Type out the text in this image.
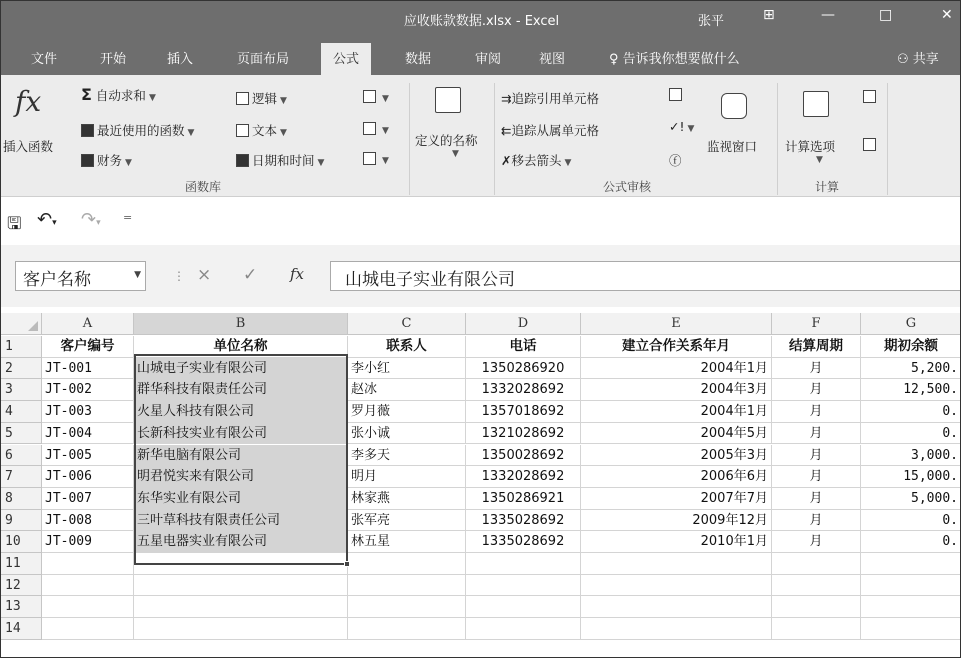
应收账款数据.xlsx - Excel	张平	⊞	—	□	✕
文件	开始	插入	页面布局	公式	数据	审阅	视图	♀ 告诉我你想要做什么	⚇ 共享
fx
插入函数
Σ 自动求和 ▼
最近使用的函数 ▼
财务 ▼
逻辑 ▼
文本 ▼
日期和时间 ▼
▼
▼
▼
函数库
定义的名称
▼
⇉追踪引用单元格
⇇追踪从属单元格
✗移去箭头 ▼
✓! ▼
ⓕ
监视窗口
公式审核
计算选项
▼
计算
🖫 ↶▾ ↷▾ =
客户名称	▼	⋮ × ✓ fx	山城电子实业有限公司
A	B	C	D	E	F	G
1
2
3
4
5
6
7
8
9
10
11
12
13
14
客户编号	单位名称	联系人	电话	建立合作关系年月	结算周期	期初余额
JT-001	山城电子实业有限公司	李小红	1350286920	2004年1月	月	5,200.
JT-002	群华科技有限责任公司	赵冰	1332028692	2004年3月	月	12,500.
JT-003	火星人科技有限公司	罗月薇	1357018692	2004年1月	月	0.
JT-004	长新科技实业有限公司	张小诚	1321028692	2004年5月	月	0.
JT-005	新华电脑有限公司	李多天	1350028692	2005年3月	月	3,000.
JT-006	明君悦实来有限公司	明月	1332028692	2006年6月	月	15,000.
JT-007	东华实业有限公司	林家燕	1350286921	2007年7月	月	5,000.
JT-008	三叶草科技有限责任公司	张军亮	1335028692	2009年12月	月	0.
JT-009	五星电器实业有限公司	林五星	1335028692	2010年1月	月	0.
